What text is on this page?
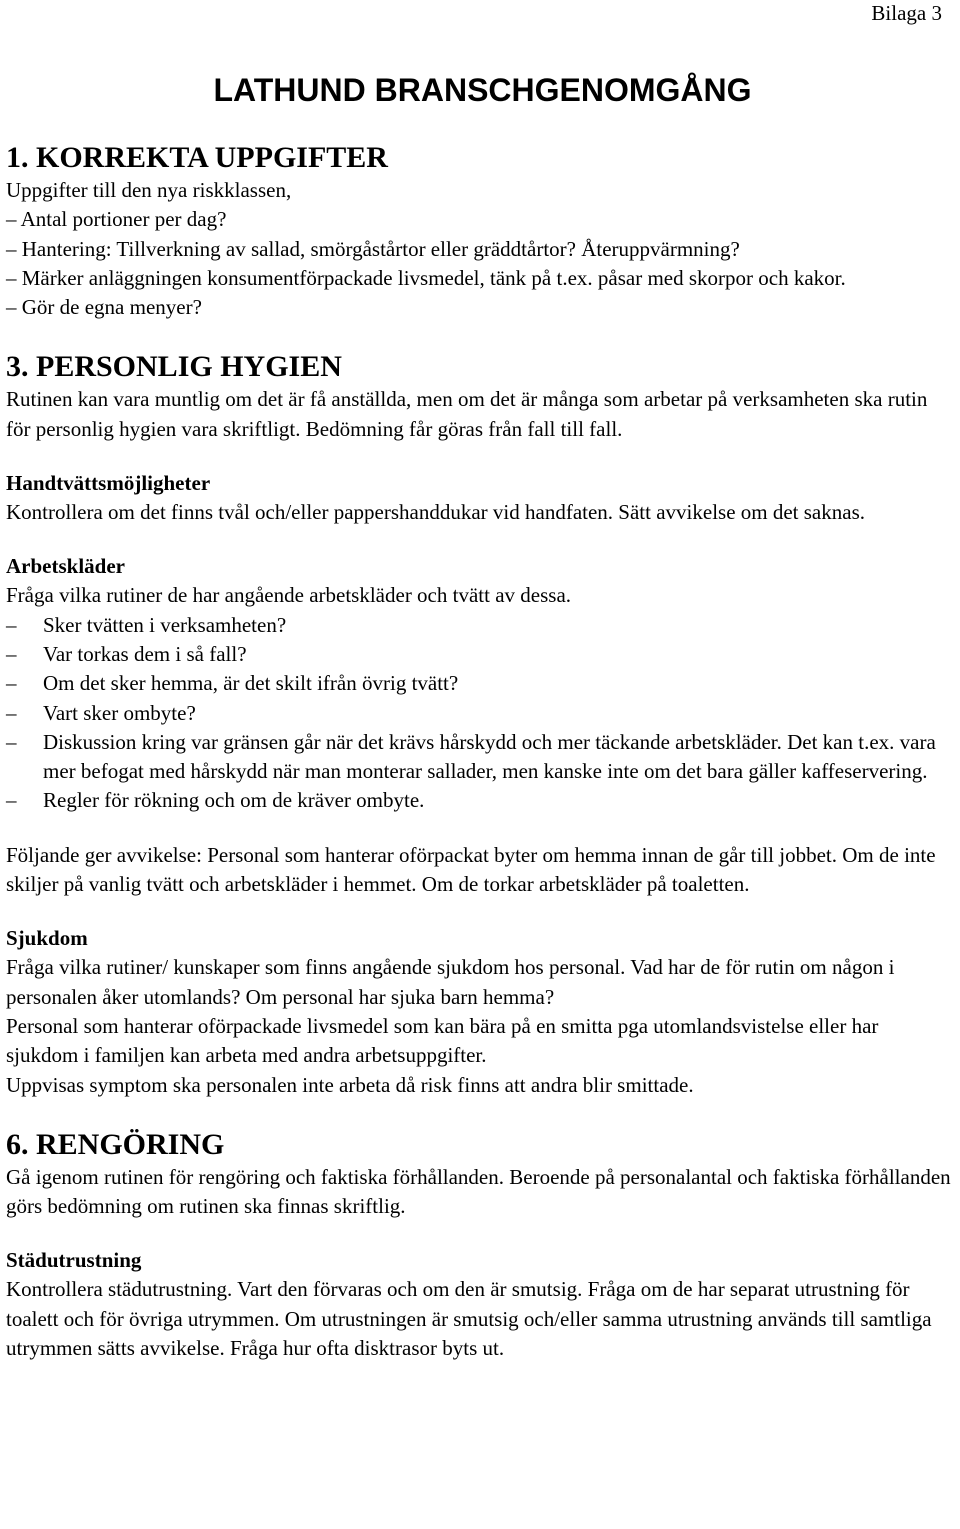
Bilaga 3
LATHUND BRANSCHGENOMGÅNG
1. KORREKTA UPPGIFTER

Uppgifter till den nya riskklassen,

– Antal portioner per dag?

– Hantering: Tillverkning av sallad, smörgåstårtor eller gräddtårtor? Återuppvärmning?

– Märker anläggningen konsumentförpackade livsmedel, tänk på t.ex. påsar med skorpor och kakor.

– Gör de egna menyer?

3. PERSONLIG HYGIEN

Rutinen kan vara muntlig om det är få anställda, men om det är många som arbetar på verksamheten ska rutin för personlig hygien vara skriftligt. Bedömning får göras från fall till fall.

Handtvättsmöjligheter

Kontrollera om det finns tvål och/eller pappershanddukar vid handfaten. Sätt avvikelse om det saknas.

Arbetskläder

Fråga vilka rutiner de har angående arbetskläder och tvätt av dessa.

– Sker tvätten i verksamheten?
– Var torkas dem i så fall?
– Om det sker hemma, är det skilt ifrån övrig tvätt?
– Vart sker ombyte?
– Diskussion kring var gränsen går när det krävs hårskydd och mer täckande arbetskläder. Det kan t.ex. vara mer befogat med hårskydd när man monterar sallader, men kanske inte om det bara gäller kaffeservering.
– Regler för rökning och om de kräver ombyte.

Följande ger avvikelse: Personal som hanterar oförpackat byter om hemma innan de går till jobbet. Om de inte skiljer på vanlig tvätt och arbetskläder i hemmet. Om de torkar arbetskläder på toaletten.

Sjukdom

Fråga vilka rutiner/ kunskaper som finns angående sjukdom hos personal. Vad har de för rutin om någon i personalen åker utomlands? Om personal har sjuka barn hemma?

Personal som hanterar oförpackade livsmedel som kan bära på en smitta pga utomlandsvistelse eller har sjukdom i familjen kan arbeta med andra arbetsuppgifter.

Uppvisas symptom ska personalen inte arbeta då risk finns att andra blir smittade.

6. RENGÖRING

Gå igenom rutinen för rengöring och faktiska förhållanden. Beroende på personalantal och faktiska förhållanden görs bedömning om rutinen ska finnas skriftlig.

Städutrustning

Kontrollera städutrustning. Vart den förvaras och om den är smutsig. Fråga om de har separat utrustning för toalett och för övriga utrymmen. Om utrustningen är smutsig och/eller samma utrustning används till samtliga utrymmen sätts avvikelse. Fråga hur ofta disktrasor byts ut.
